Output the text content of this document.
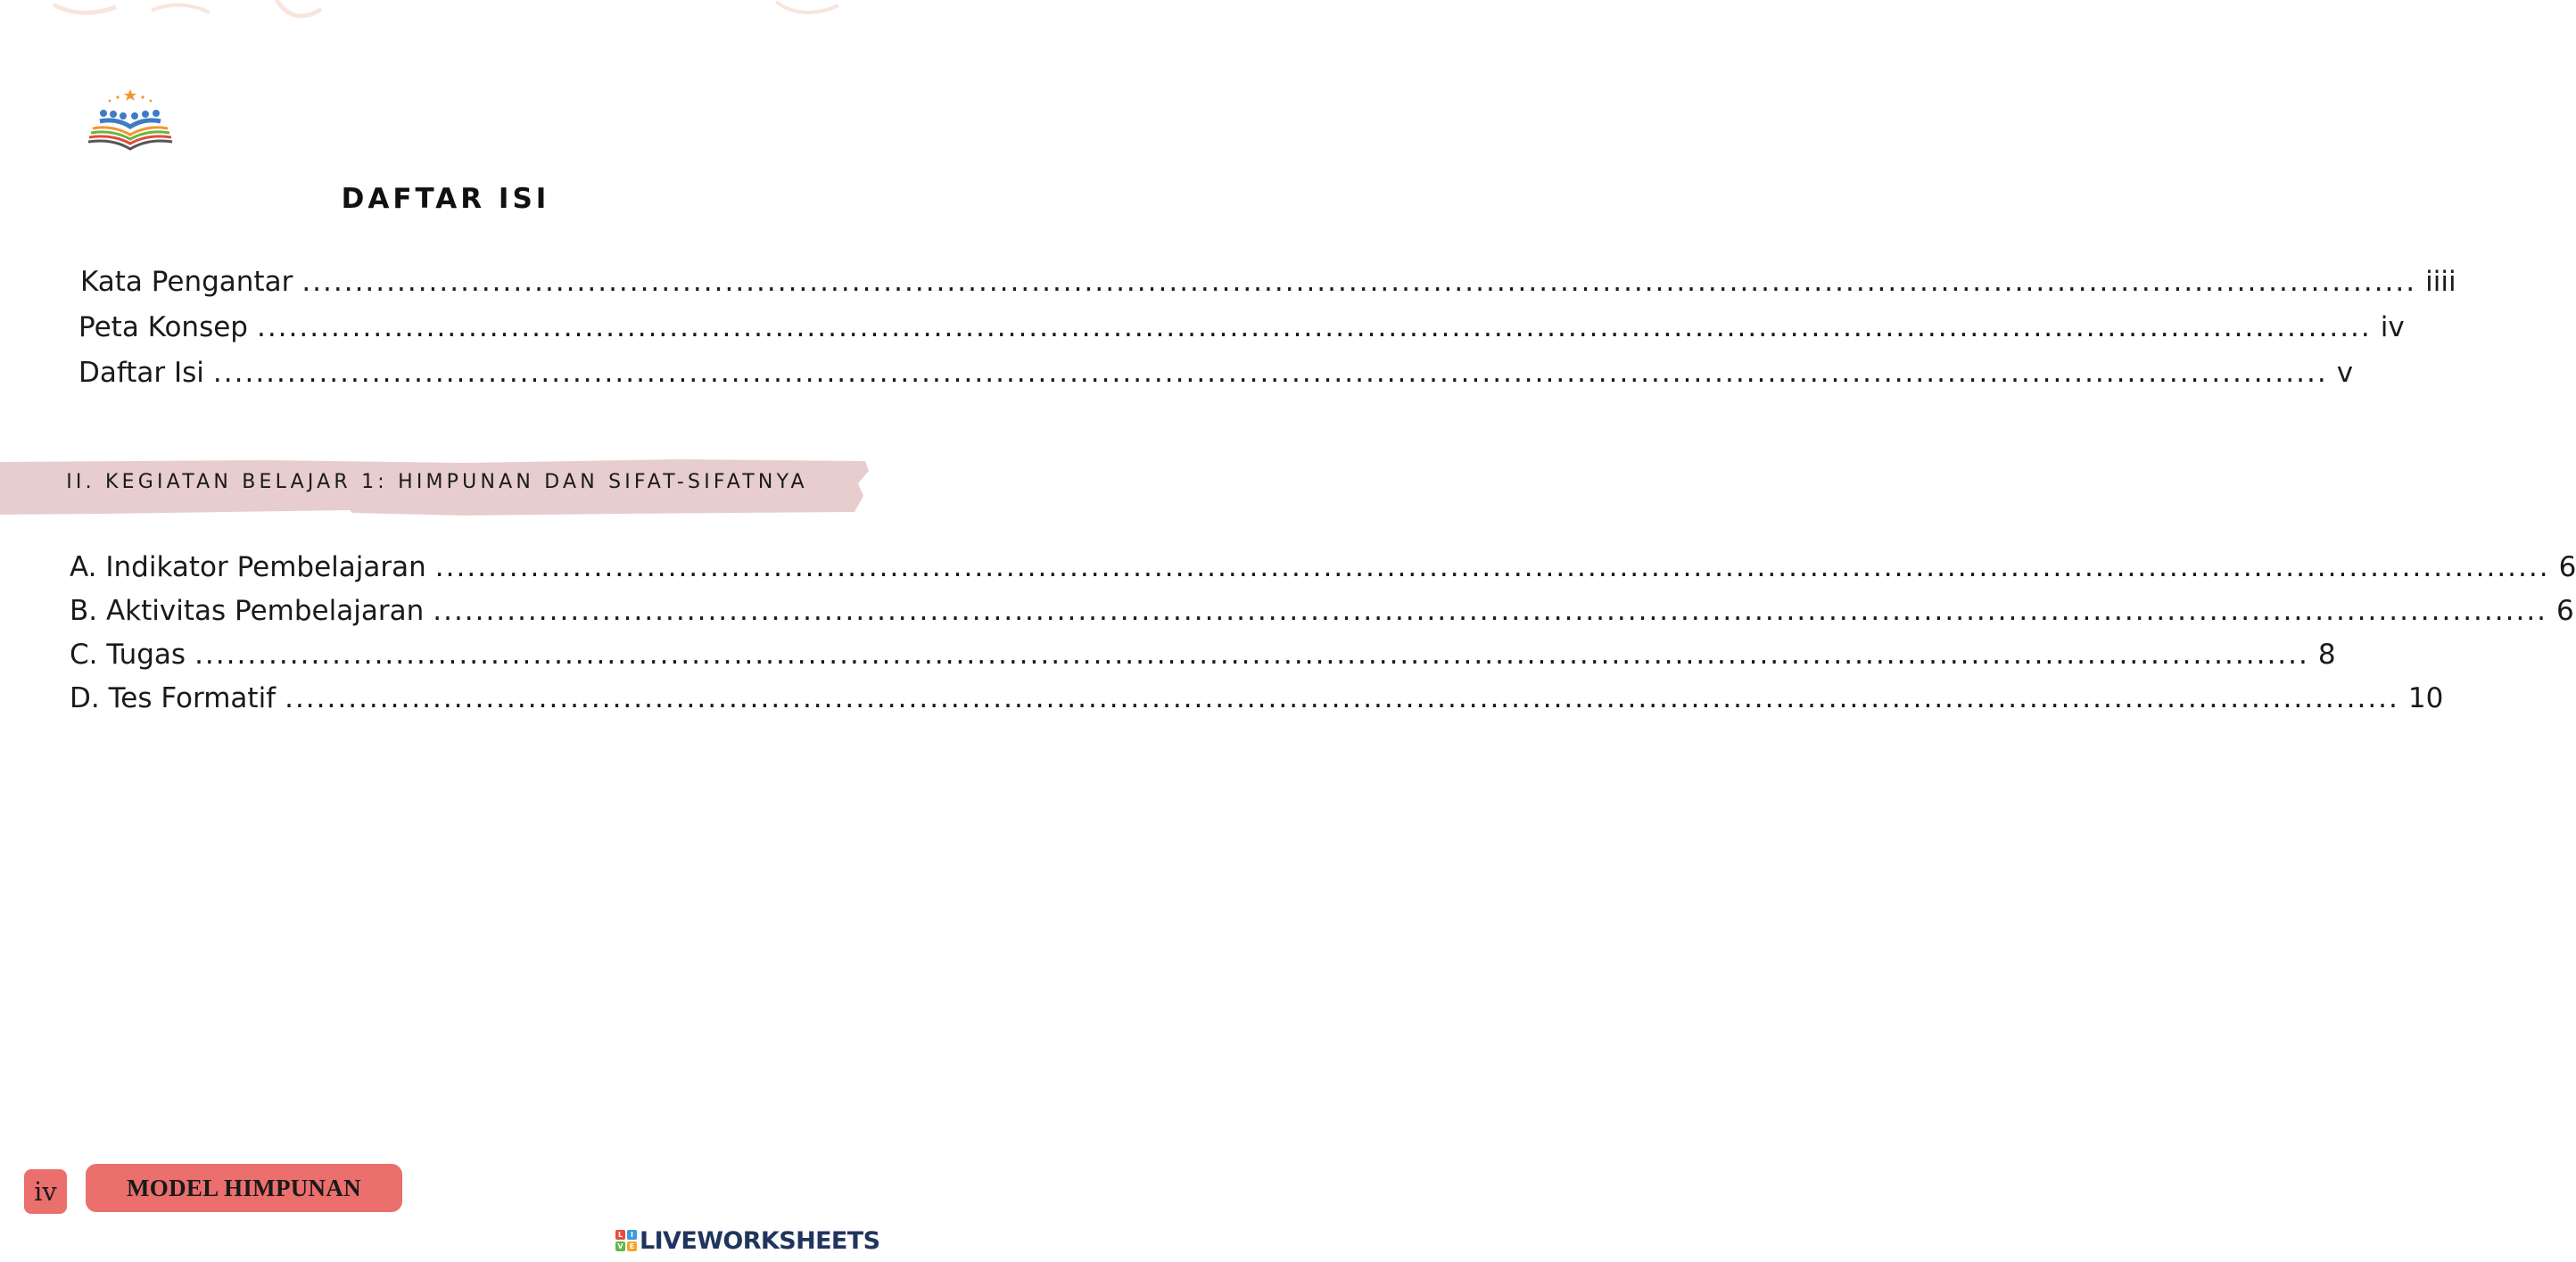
DAFTAR ISI
Kata Pengantar ........................................................................................................................................................................................................ iiii
Peta Konsep ........................................................................................................................................................................................................ iv
Daftar Isi ........................................................................................................................................................................................................ v
II. KEGIATAN BELAJAR 1: HIMPUNAN DAN SIFAT-SIFATNYA
A. Indikator Pembelajaran ........................................................................................................................................................................................................ 6
B. Aktivitas Pembelajaran ........................................................................................................................................................................................................ 6
C. Tugas ........................................................................................................................................................................................................ 8
D. Tes Formatif ........................................................................................................................................................................................................ 10
iv	MODEL HIMPUNAN
L	I
V E LIVEWORKSHEETS
